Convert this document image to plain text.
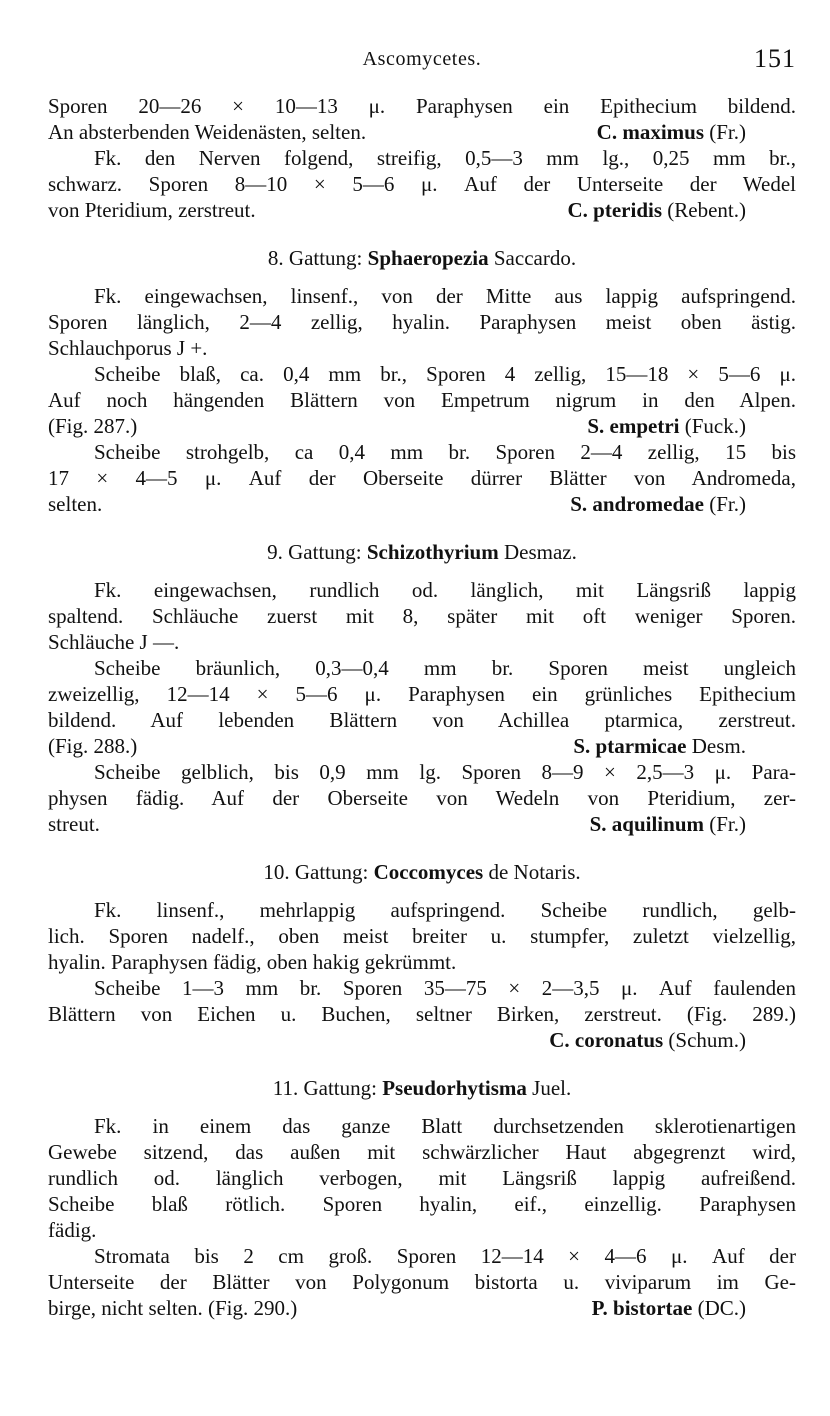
Ascomycetes.	151
Sporen 20—26 × 10—13 μ. Paraphysen ein Epithecium bildend.
An absterbenden Weidenästen, selten.	C. maximus (Fr.)
Fk. den Nerven folgend, streifig, 0,5—3 mm lg., 0,25 mm br.,
schwarz. Sporen 8—10 × 5—6 μ. Auf der Unterseite der Wedel
von Pteridium, zerstreut.	C. pteridis (Rebent.)
8. Gattung: Sphaeropezia Saccardo.
Fk. eingewachsen, linsenf., von der Mitte aus lappig aufspringend.
Sporen länglich, 2—4 zellig, hyalin. Paraphysen meist oben ästig.
Schlauchporus J +.
Scheibe blaß, ca. 0,4 mm br., Sporen 4 zellig, 15—18 × 5—6 μ.
Auf noch hängenden Blättern von Empetrum nigrum in den Alpen.
(Fig. 287.)	S. empetri (Fuck.)
Scheibe strohgelb, ca 0,4 mm br. Sporen 2—4 zellig, 15 bis
17 × 4—5 μ. Auf der Oberseite dürrer Blätter von Andromeda,
selten.	S. andromedae (Fr.)
9. Gattung: Schizothyrium Desmaz.
Fk. eingewachsen, rundlich od. länglich, mit Längsriß lappig
spaltend. Schläuche zuerst mit 8, später mit oft weniger Sporen.
Schläuche J —.
Scheibe bräunlich, 0,3—0,4 mm br. Sporen meist ungleich
zweizellig, 12—14 × 5—6 μ. Paraphysen ein grünliches Epithecium
bildend. Auf lebenden Blättern von Achillea ptarmica, zerstreut.
(Fig. 288.)	S. ptarmicae Desm.
Scheibe gelblich, bis 0,9 mm lg. Sporen 8—9 × 2,5—3 μ. Para-
physen fädig. Auf der Oberseite von Wedeln von Pteridium, zer-
streut.	S. aquilinum (Fr.)
10. Gattung: Coccomyces de Notaris.
Fk. linsenf., mehrlappig aufspringend. Scheibe rundlich, gelb-
lich. Sporen nadelf., oben meist breiter u. stumpfer, zuletzt vielzellig,
hyalin. Paraphysen fädig, oben hakig gekrümmt.
Scheibe 1—3 mm br. Sporen 35—75 × 2—3,5 μ. Auf faulenden
Blättern von Eichen u. Buchen, seltner Birken, zerstreut. (Fig. 289.)
C. coronatus (Schum.)
11. Gattung: Pseudorhytisma Juel.
Fk. in einem das ganze Blatt durchsetzenden sklerotienartigen
Gewebe sitzend, das außen mit schwärzlicher Haut abgegrenzt wird,
rundlich od. länglich verbogen, mit Längsriß lappig aufreißend.
Scheibe blaß rötlich. Sporen hyalin, eif., einzellig. Paraphysen
fädig.
Stromata bis 2 cm groß. Sporen 12—14 × 4—6 μ. Auf der
Unterseite der Blätter von Polygonum bistorta u. viviparum im Ge-
birge, nicht selten. (Fig. 290.)	P. bistortae (DC.)
